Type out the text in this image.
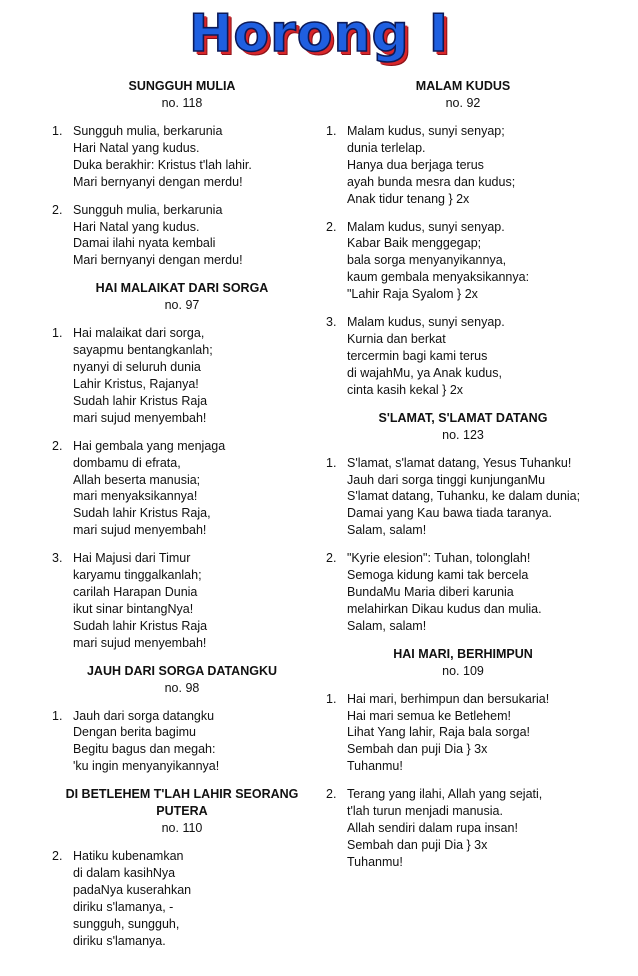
Horong I
SUNGGUH MULIA
no. 118
1. Sungguh mulia, berkarunia
Hari Natal yang kudus.
Duka berakhir: Kristus t'lah lahir.
Mari bernyanyi dengan merdu!
2. Sungguh mulia, berkarunia
Hari Natal yang kudus.
Damai ilahi nyata kembali
Mari bernyanyi dengan merdu!
HAI MALAIKAT DARI SORGA
no. 97
1. Hai malaikat dari sorga,
sayapmu bentangkanlah;
nyanyi di seluruh dunia
Lahir Kristus, Rajanya!
Sudah lahir Kristus Raja
mari sujud menyembah!
2. Hai gembala yang menjaga
dombamu di efrata,
Allah beserta manusia;
mari menyaksikannya!
Sudah lahir Kristus Raja,
mari sujud menyembah!
3. Hai Majusi dari Timur
karyamu tinggalkanlah;
carilah Harapan Dunia
ikut sinar bintangNya!
Sudah lahir Kristus Raja
mari sujud menyembah!
JAUH DARI SORGA DATANGKU
no. 98
1. Jauh dari sorga datangku
Dengan berita bagimu
Begitu bagus dan megah:
'ku ingin menyanyikannya!
DI BETLEHEM T'LAH LAHIR SEORANG PUTERA
no. 110
2. Hatiku kubenamkan
di dalam kasihNya
padaNya kuserahkan
diriku s'lamanya, -
sungguh, sungguh,
diriku s'lamanya.
MALAM KUDUS
no. 92
1. Malam kudus, sunyi senyap;
dunia terlelap.
Hanya dua berjaga terus
ayah bunda mesra dan kudus;
Anak tidur tenang } 2x
2. Malam kudus, sunyi senyap.
Kabar Baik menggegap;
bala sorga menyanyikannya,
kaum gembala menyaksikannya:
"Lahir Raja Syalom } 2x
3. Malam kudus, sunyi senyap.
Kurnia dan berkat
tercermin bagi kami terus
di wajahMu, ya Anak kudus,
cinta kasih kekal } 2x
S'LAMAT, S'LAMAT DATANG
no. 123
1. S'lamat, s'lamat datang, Yesus Tuhanku!
Jauh dari sorga tinggi kunjunganMu
S'lamat datang, Tuhanku, ke dalam dunia;
Damai yang Kau bawa tiada taranya.
Salam, salam!
2. "Kyrie elesion": Tuhan, tolonglah!
Semoga kidung kami tak bercela
BundaMu Maria diberi karunia
melahirkan Dikau kudus dan mulia.
Salam, salam!
HAI MARI, BERHIMPUN
no. 109
1. Hai mari, berhimpun dan bersukaria!
Hai mari semua ke Betlehem!
Lihat Yang lahir, Raja bala sorga!
Sembah dan puji Dia } 3x
Tuhanmu!
2. Terang yang ilahi, Allah yang sejati,
t'lah turun menjadi manusia.
Allah sendiri dalam rupa insan!
Sembah dan puji Dia } 3x
Tuhanmu!
